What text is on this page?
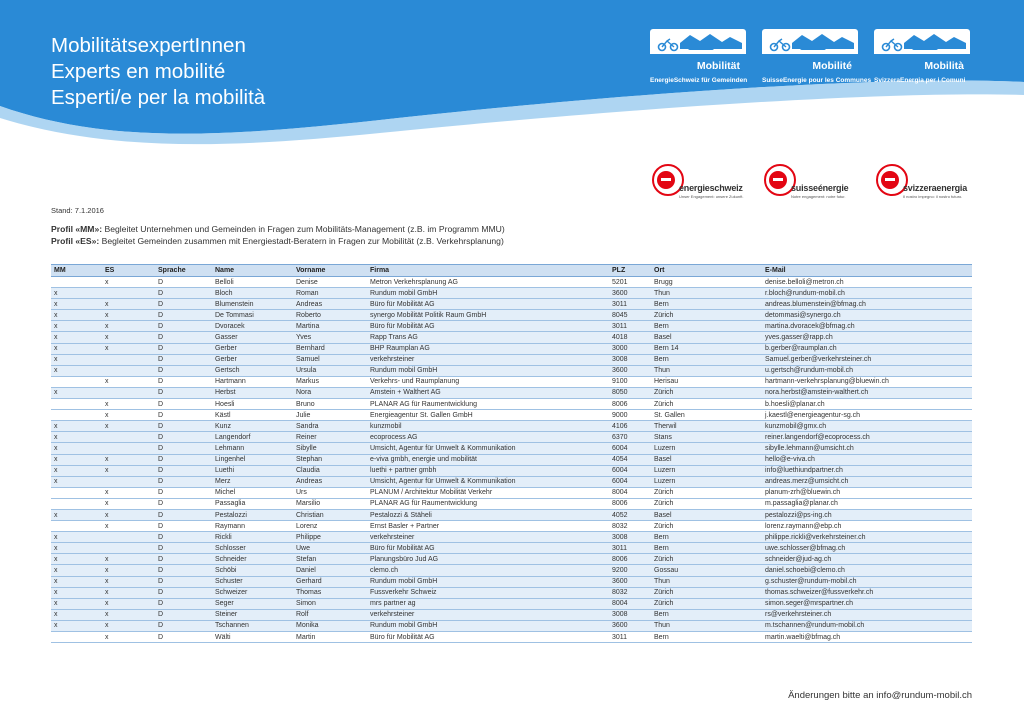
MobilitätsexpertInnen
Experts en mobilité
Esperti/e per la mobilità
Mobilität
EnergieSchweiz für Gemeinden
Mobilité
SuisseEnergie pour les Communes
Mobilità
SvizzeraEnergia per i Comuni
energieschweiz
Unser Engagement: unsere Zukunft.
suisseénergie
Notre engagement: notre futur.
svizzeraenergia
Il nostro impegno: il nostro futuro.
Stand: 7.1.2016
Profil «MM»: Begleitet Unternehmen und Gemeinden in Fragen zum Mobilitäts-Management (z.B. im Programm MMU)
Profil «ES»: Begleitet Gemeinden zusammen mit Energiestadt-Beratern in Fragen zur Mobilität (z.B. Verkehrsplanung)
MM	ES	Sprache	Name	Vorname	Firma	PLZ	Ort	E-Mail
	x	D	Belloli	Denise	Metron Verkehrsplanung AG	5201	Brugg	denise.belloli@metron.ch
x		D	Bloch	Roman	Rundum mobil GmbH	3600	Thun	r.bloch@rundum-mobil.ch
x	x	D	Blumenstein	Andreas	Büro für Mobilität AG	3011	Bern	andreas.blumenstein@bfmag.ch
x	x	D	De Tommasi	Roberto	synergo Mobilität Politik Raum GmbH	8045	Zürich	detommasi@synergo.ch
x	x	D	Dvoracek	Martina	Büro für Mobilität AG	3011	Bern	martina.dvoracek@bfmag.ch
x	x	D	Gasser	Yves	Rapp Trans AG	4018	Basel	yves.gasser@rapp.ch
x	x	D	Gerber	Bernhard	BHP Raumplan AG	3000	Bern 14	b.gerber@raumplan.ch
x		D	Gerber	Samuel	verkehrsteiner	3008	Bern	Samuel.gerber@verkehrsteiner.ch
x		D	Gertsch	Ursula	Rundum mobil GmbH	3600	Thun	u.gertsch@rundum-mobil.ch
	x	D	Hartmann	Markus	Verkehrs- und Raumplanung	9100	Herisau	hartmann-verkehrsplanung@bluewin.ch
x		D	Herbst	Nora	Amstein + Walthert AG	8050	Zürich	nora.herbst@amstein-walthert.ch
	x	D	Hoesli	Bruno	PLANAR AG für Raumentwicklung	8006	Zürich	b.hoesli@planar.ch
	x	D	Kästl	Julie	Energieagentur St. Gallen GmbH	9000	St. Gallen	j.kaestl@energieagentur-sg.ch
x	x	D	Kunz	Sandra	kunzmobil	4106	Therwil	kunzmobil@gmx.ch
x		D	Langendorf	Reiner	ecoprocess AG	6370	Stans	reiner.langendorf@ecoprocess.ch
x		D	Lehmann	Sibylle	Umsicht, Agentur für Umwelt & Kommunikation	6004	Luzern	sibylle.lehmann@umsicht.ch
x	x	D	Lingenhel	Stephan	e-viva gmbh, energie und mobilität	4054	Basel	hello@e-viva.ch
x	x	D	Luethi	Claudia	luethi + partner gmbh	6004	Luzern	info@luethiundpartner.ch
x		D	Merz	Andreas	Umsicht, Agentur für Umwelt & Kommunikation	6004	Luzern	andreas.merz@umsicht.ch
	x	D	Michel	Urs	PLANUM / Architektur Mobilität Verkehr	8004	Zürich	planum-zrh@bluewin.ch
	x	D	Passaglia	Marsilio	PLANAR AG für Raumentwicklung	8006	Zürich	m.passaglia@planar.ch
x	x	D	Pestalozzi	Christian	Pestalozzi & Stäheli	4052	Basel	pestalozzi@ps-ing.ch
	x	D	Raymann	Lorenz	Ernst Basler + Partner	8032	Zürich	lorenz.raymann@ebp.ch
x		D	Rickli	Philippe	verkehrsteiner	3008	Bern	philippe.rickli@verkehrsteiner.ch
x		D	Schlosser	Uwe	Büro für Mobilität AG	3011	Bern	uwe.schlosser@bfmag.ch
x	x	D	Schneider	Stefan	Planungsbüro Jud AG	8006	Zürich	schneider@jud-ag.ch
x	x	D	Schöbi	Daniel	clemo.ch	9200	Gossau	daniel.schoebi@clemo.ch
x	x	D	Schuster	Gerhard	Rundum mobil GmbH	3600	Thun	g.schuster@rundum-mobil.ch
x	x	D	Schweizer	Thomas	Fussverkehr Schweiz	8032	Zürich	thomas.schweizer@fussverkehr.ch
x	x	D	Seger	Simon	mrs partner ag	8004	Zürich	simon.seger@mrspartner.ch
x	x	D	Steiner	Rolf	verkehrsteiner	3008	Bern	rs@verkehrsteiner.ch
x	x	D	Tschannen	Monika	Rundum mobil GmbH	3600	Thun	m.tschannen@rundum-mobil.ch
	x	D	Wälti	Martin	Büro für Mobilität AG	3011	Bern	martin.waelti@bfmag.ch
Änderungen bitte an info@rundum-mobil.ch
